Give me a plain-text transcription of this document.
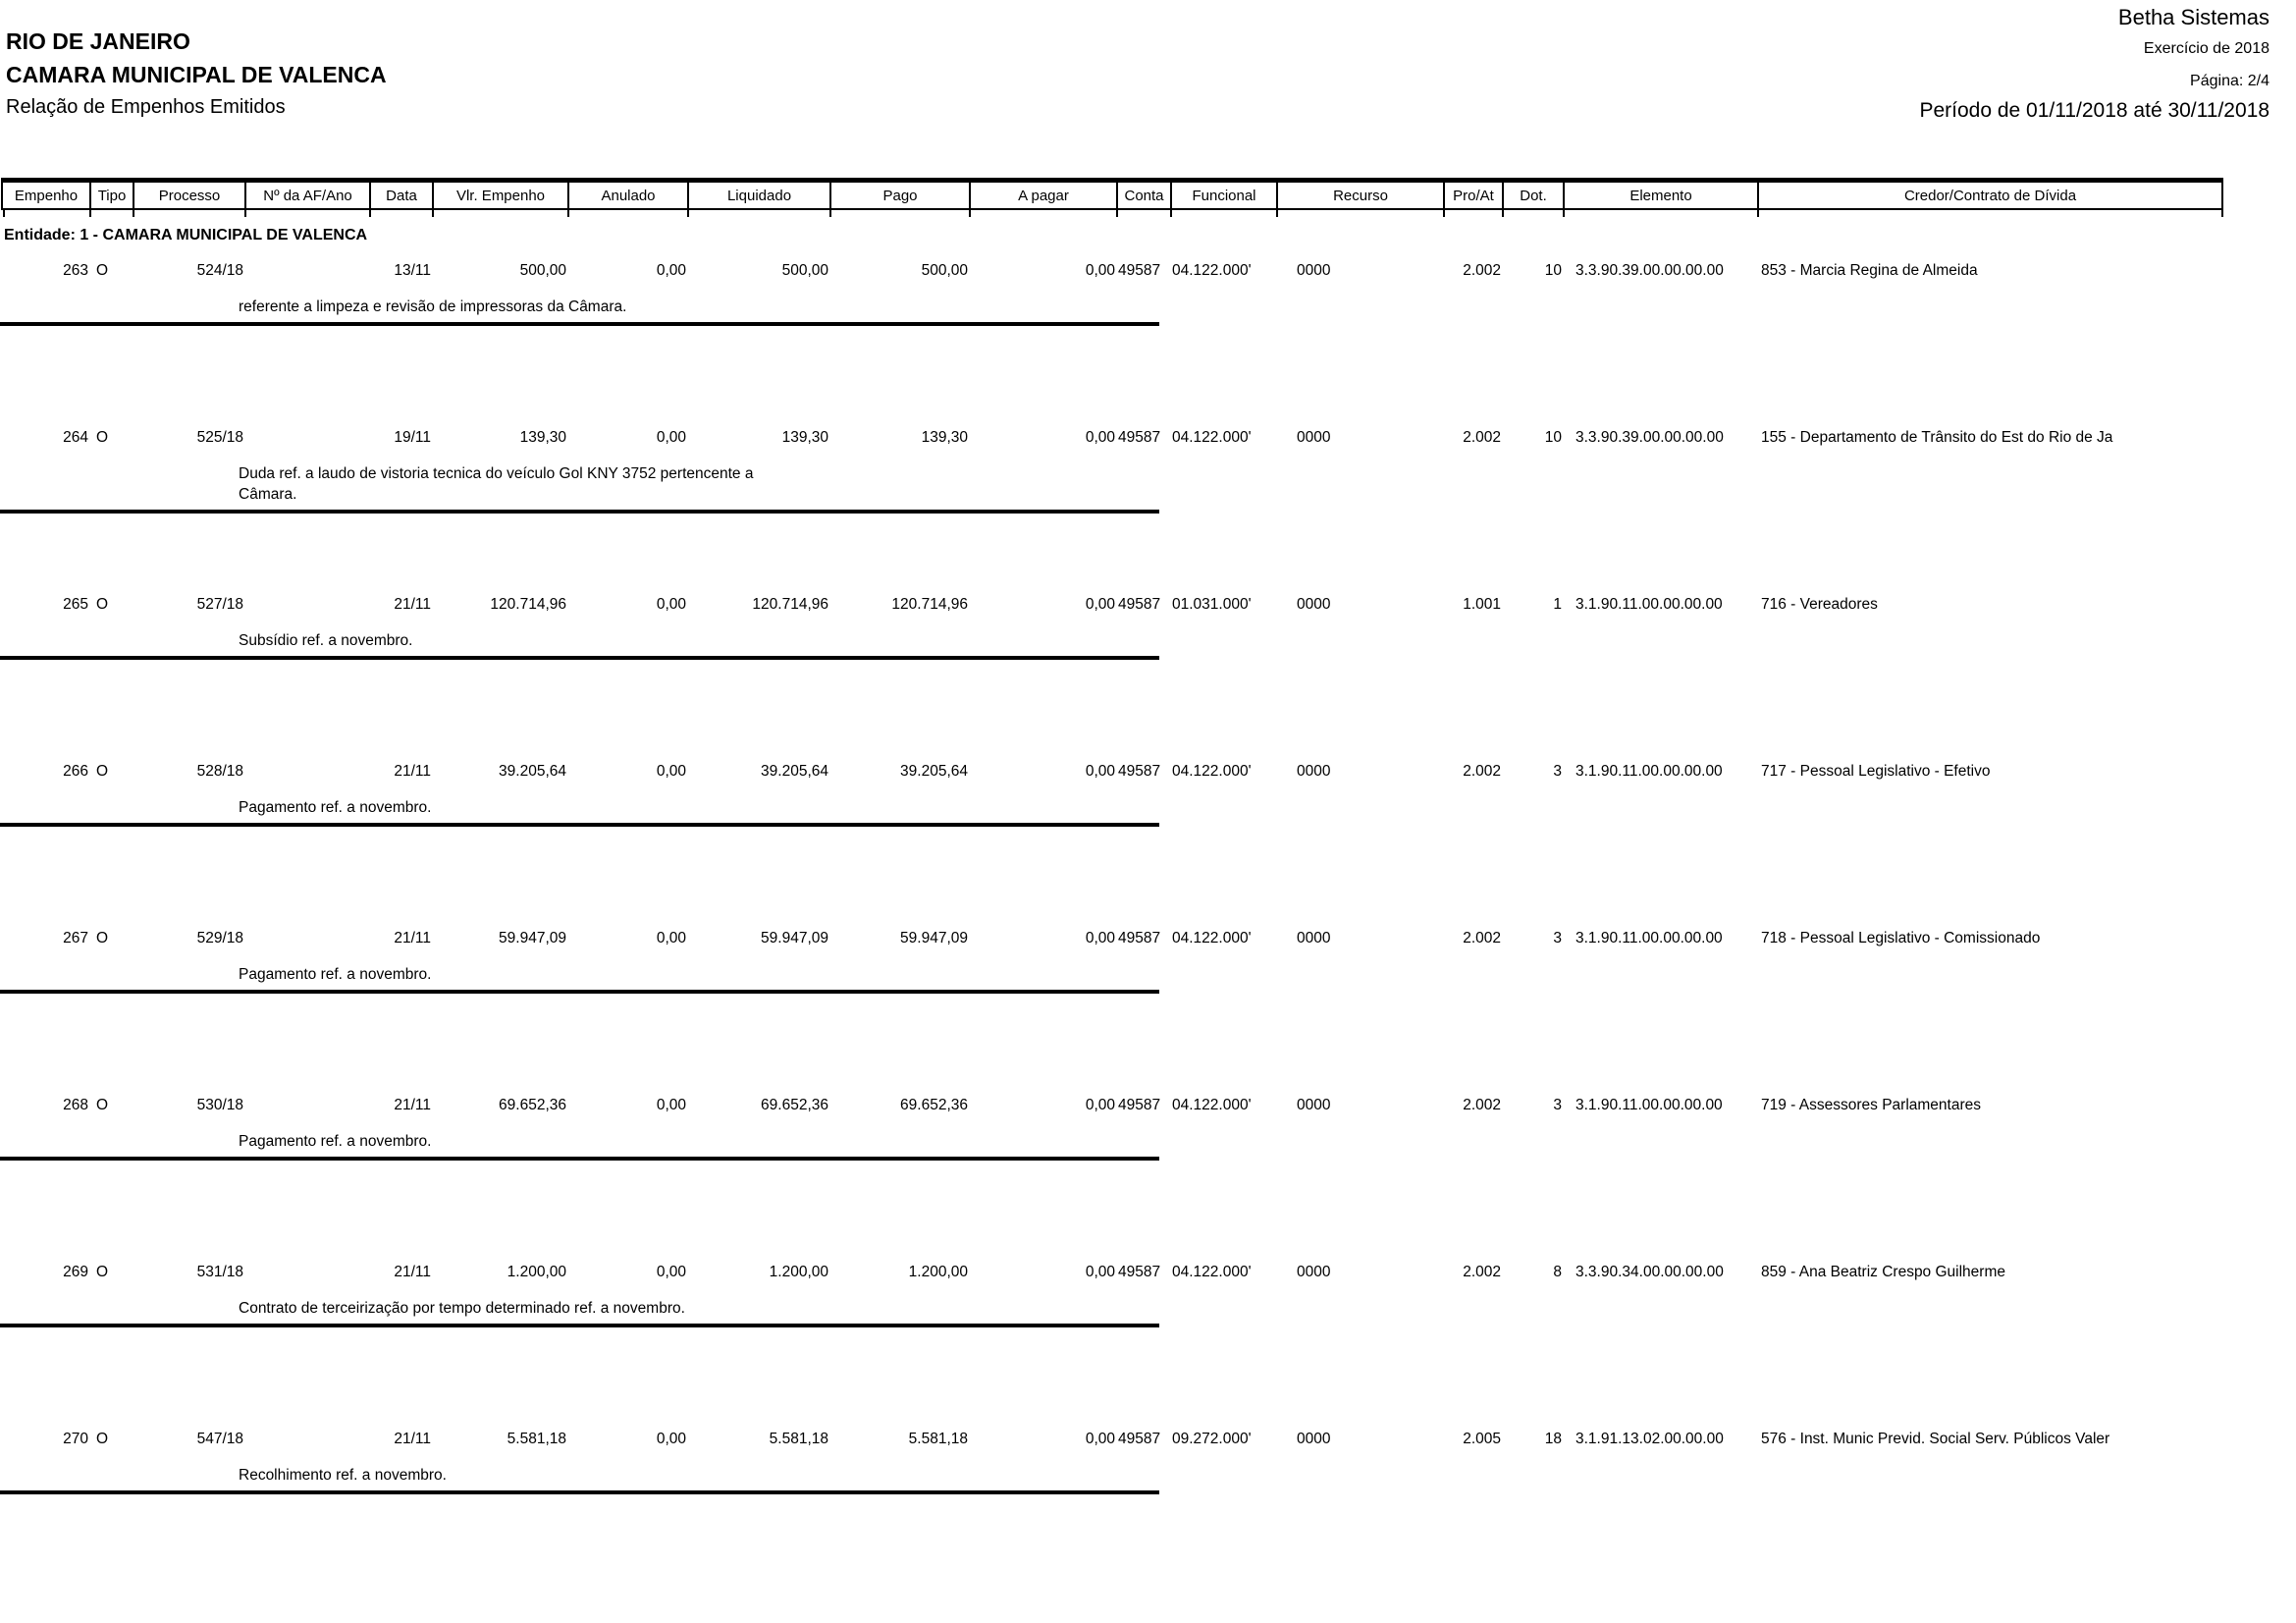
RIO DE JANEIRO
CAMARA MUNICIPAL DE VALENCA
Relação de Empenhos Emitidos
Betha Sistemas
Exercício de 2018
Página: 2/4
Período de 01/11/2018 até 30/11/2018
Empenho	Tipo	Processo	Nº da AF/Ano	Data	Vlr. Empenho	Anulado	Liquidado	Pago	A pagar	Conta	Funcional	Recurso	Pro/At	Dot.	Elemento	Credor/Contrato de Dívida
Entidade: 1 - CAMARA MUNICIPAL DE VALENCA
263 O	524/18	13/11	500,00	0,00	500,00	500,00	0,00 49587 04.122.000'	0000	2.002	10 3.3.90.39.00.00.00.00	853 - Marcia Regina de Almeida
referente a limpeza e revisão de impressoras da Câmara.
264 O	525/18	19/11	139,30	0,00	139,30	139,30	0,00 49587 04.122.000'	0000	2.002	10 3.3.90.39.00.00.00.00	155 - Departamento de Trânsito do Est do Rio de Ja
Duda ref. a laudo de vistoria tecnica do veículo Gol KNY 3752 pertencente a Câmara.
265 O	527/18	21/11	120.714,96	0,00	120.714,96	120.714,96	0,00 49587 01.031.000'	0000	1.001	1 3.1.90.11.00.00.00.00	716 - Vereadores
Subsídio ref. a novembro.
266 O	528/18	21/11	39.205,64	0,00	39.205,64	39.205,64	0,00 49587 04.122.000'	0000	2.002	3 3.1.90.11.00.00.00.00	717 - Pessoal Legislativo - Efetivo
Pagamento ref. a novembro.
267 O	529/18	21/11	59.947,09	0,00	59.947,09	59.947,09	0,00 49587 04.122.000'	0000	2.002	3 3.1.90.11.00.00.00.00	718 - Pessoal Legislativo - Comissionado
Pagamento ref. a novembro.
268 O	530/18	21/11	69.652,36	0,00	69.652,36	69.652,36	0,00 49587 04.122.000'	0000	2.002	3 3.1.90.11.00.00.00.00	719 - Assessores Parlamentares
Pagamento ref. a novembro.
269 O	531/18	21/11	1.200,00	0,00	1.200,00	1.200,00	0,00 49587 04.122.000'	0000	2.002	8 3.3.90.34.00.00.00.00	859 - Ana Beatriz Crespo Guilherme
Contrato de terceirização por tempo determinado ref. a novembro.
270 O	547/18	21/11	5.581,18	0,00	5.581,18	5.581,18	0,00 49587 09.272.000'	0000	2.005	18 3.1.91.13.02.00.00.00	576 - Inst. Munic Previd. Social Serv. Públicos Valer
Recolhimento ref. a novembro.
